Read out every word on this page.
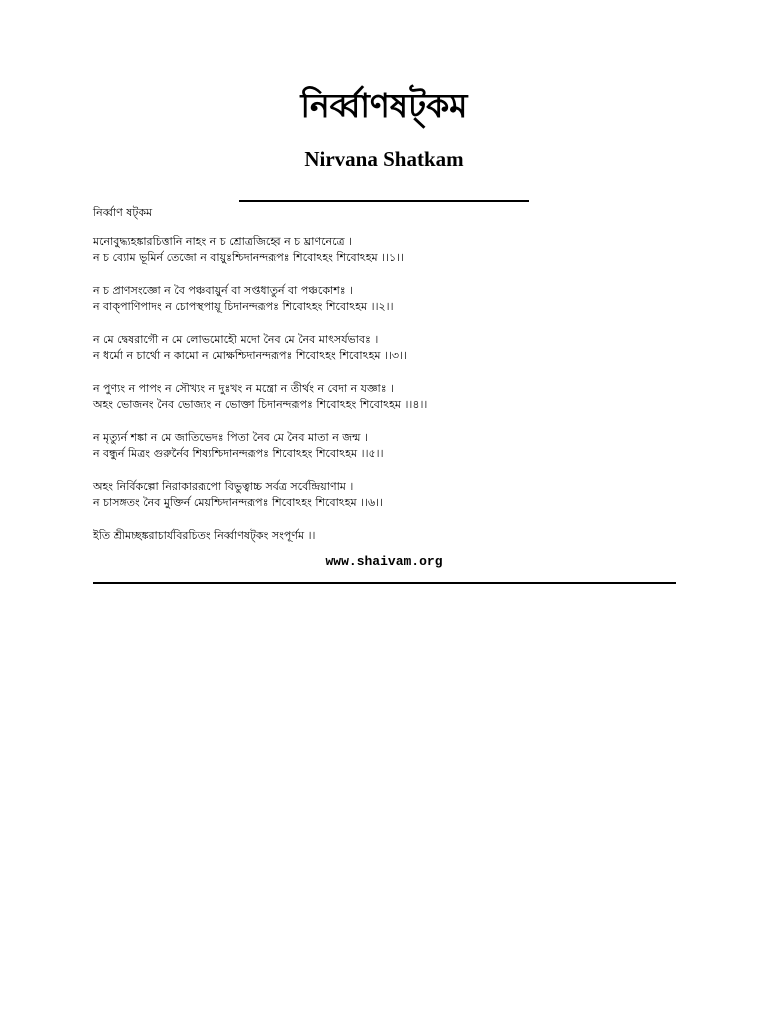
নির্ব্বাণষট্কম
Nirvana Shatkam
নির্ব্বাণ ষট্কম
মনোবুদ্ধ্যহঙ্কারচিত্তানি নাহং ন চ শ্রোত্রজিহ্বে ন চ ঘ্রাণনেত্রে ।
ন চ ব্যোম ভূমির্ন তেজো ন বায়ুঃশ্চিদানন্দরূপঃ শিবোঽহং শিবোঽহম ।।১।।
ন চ প্রাণসংজ্ঞো ন বৈ পঞ্চবায়ুর্ন বা সপ্তধাতুর্ন বা পঞ্চকোশঃ ।
ন বাক্পাণিপাদং ন চোপস্থপায়ূ চিদানন্দরূপঃ শিবোঽহং শিবোঽহম ।।২।।
ন মে দ্বেষরাগৌ ন মে লোভমোহৌ মদো নৈব মে নৈব মাৎসর্যভাবঃ ।
ন ধর্মো ন চার্থো ন কামো ন মোক্ষশ্চিদানন্দরূপঃ শিবোঽহং শিবোঽহম ।।৩।।
ন পুণ্যং ন পাপং ন সৌখ্যং ন দুঃখং ন মন্ত্রো ন তীর্থং ন বেদা ন যজ্ঞাঃ ।
অহং ভোজনং নৈব ভোজ্যং ন ভোক্তা চিদানন্দরূপঃ শিবোঽহং শিবোঽহম ।।৪।।
ন মৃত্যুর্ন শঙ্কা ন মে জাতিভেদঃ পিতা নৈব মে নৈব মাতা ন জন্ম ।
ন বন্ধুর্ন মিত্রং গুরুর্নৈব শিষ্যশ্চিদানন্দরূপঃ শিবোঽহং শিবোঽহম ।।৫।।
অহং নির্বিকল্পো নিরাকাররূপো বিভুত্বাচ্চ সর্বত্র সর্বেন্দ্রিয়াণাম ।
ন চাসঙ্গতং নৈব মুক্তির্ন মেয়শ্চিদানন্দরূপঃ শিবোঽহং শিবোঽহম ।।৬।।
ইতি শ্রীমচ্ছঙ্করাচার্যবিরচিতং নির্ব্বাণষট্কং সংপূর্ণম ।।
www.shaivam.org
